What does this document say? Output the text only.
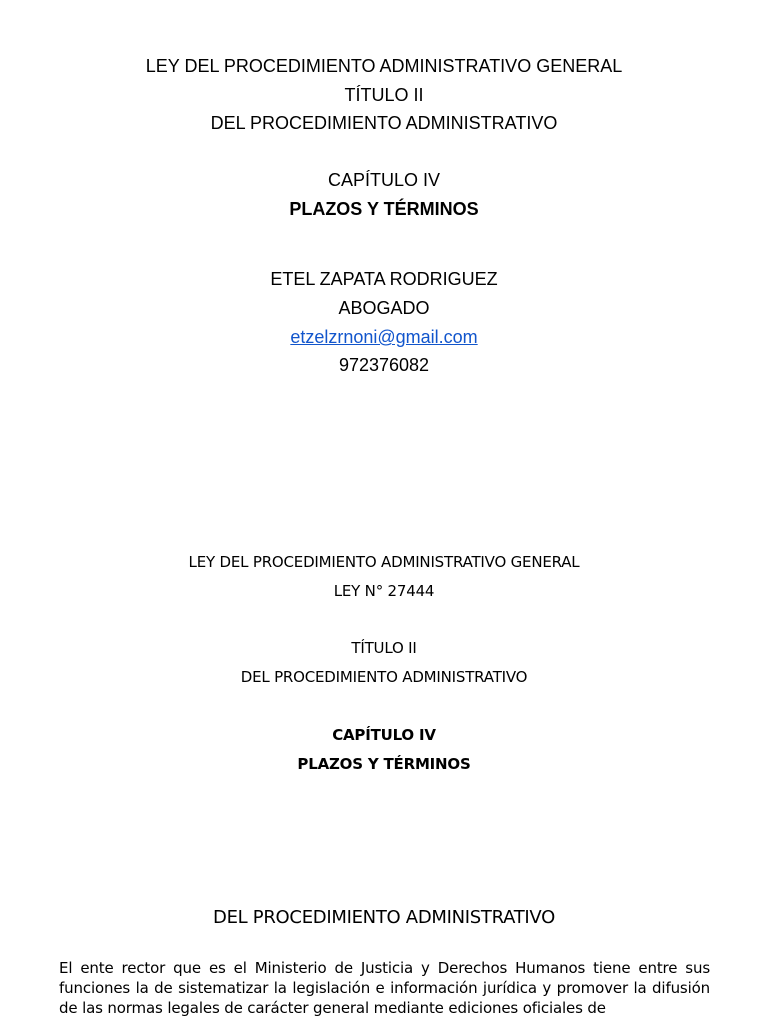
LEY DEL PROCEDIMIENTO ADMINISTRATIVO GENERAL
TÍTULO II
DEL PROCEDIMIENTO ADMINISTRATIVO
CAPÍTULO IV
PLAZOS Y TÉRMINOS
ETEL ZAPATA RODRIGUEZ
ABOGADO
etzelzrnoni@gmail.com
972376082
LEY DEL PROCEDIMIENTO ADMINISTRATIVO GENERAL
LEY N° 27444
TÍTULO II
DEL PROCEDIMIENTO ADMINISTRATIVO
CAPÍTULO IV
PLAZOS Y TÉRMINOS
DEL PROCEDIMIENTO ADMINISTRATIVO
El ente rector que es el Ministerio de Justicia y Derechos Humanos tiene entre sus funciones la de sistematizar la legislación e información jurídica y promover la difusión de las normas legales de carácter general mediante ediciones oficiales de
